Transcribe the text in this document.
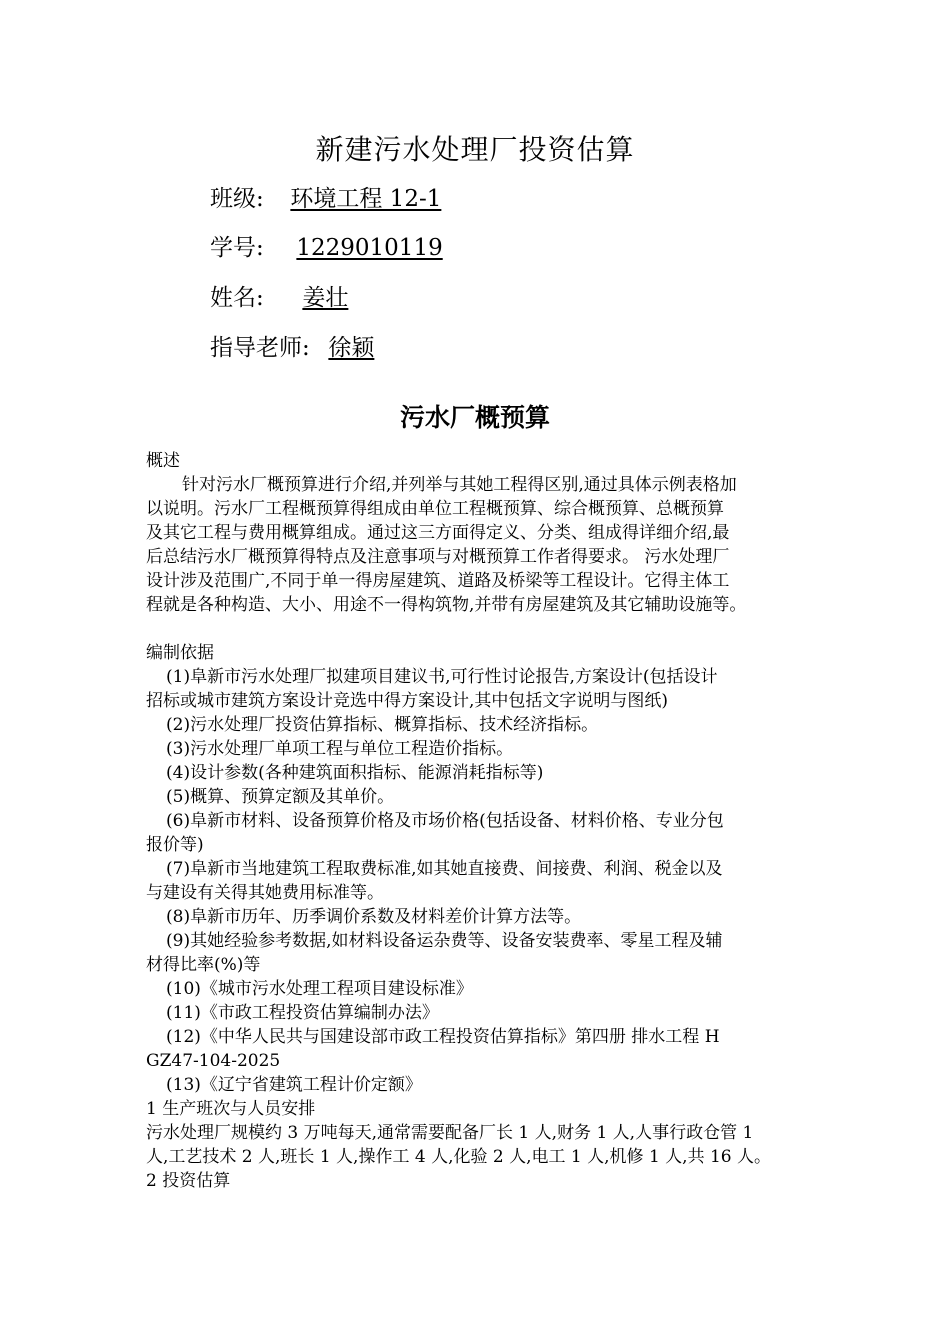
新建污水处理厂投资估算
班级: 环境工程 12-1
学号: 1229010119
姓名: 姜壮
指导老师: 徐颖
污水厂概预算
概述
针对污水厂概预算进行介绍,并列举与其她工程得区别,通过具体示例表格加
以说明。污水厂工程概预算得组成由单位工程概预算、综合概预算、总概预算
及其它工程与费用概算组成。通过这三方面得定义、分类、组成得详细介绍,最
后总结污水厂概预算得特点及注意事项与对概预算工作者得要求。 污水处理厂
设计涉及范围广,不同于单一得房屋建筑、道路及桥梁等工程设计。它得主体工
程就是各种构造、大小、用途不一得构筑物,并带有房屋建筑及其它辅助设施等。
编制依据
(1)阜新市污水处理厂拟建项目建议书,可行性讨论报告,方案设计(包括设计
招标或城市建筑方案设计竞选中得方案设计,其中包括文字说明与图纸)
(2)污水处理厂投资估算指标、概算指标、技术经济指标。
(3)污水处理厂单项工程与单位工程造价指标。
(4)设计参数(各种建筑面积指标、能源消耗指标等)
(5)概算、预算定额及其单价。
(6)阜新市材料、设备预算价格及市场价格(包括设备、材料价格、专业分包
报价等)
(7)阜新市当地建筑工程取费标准,如其她直接费、间接费、利润、税金以及
与建设有关得其她费用标准等。
(8)阜新市历年、历季调价系数及材料差价计算方法等。
(9)其她经验参考数据,如材料设备运杂费等、设备安装费率、零星工程及辅
材得比率(%)等
(10)《城市污水处理工程项目建设标准》
(11)《市政工程投资估算编制办法》
(12)《中华人民共与国建设部市政工程投资估算指标》第四册 排水工程 H
GZ47-104-2025
(13)《辽宁省建筑工程计价定额》
1 生产班次与人员安排
污水处理厂规模约 3 万吨每天,通常需要配备厂长 1 人,财务 1 人,人事行政仓管 1
人,工艺技术 2 人,班长 1 人,操作工 4 人,化验 2 人,电工 1 人,机修 1 人,共 16 人。
2 投资估算
